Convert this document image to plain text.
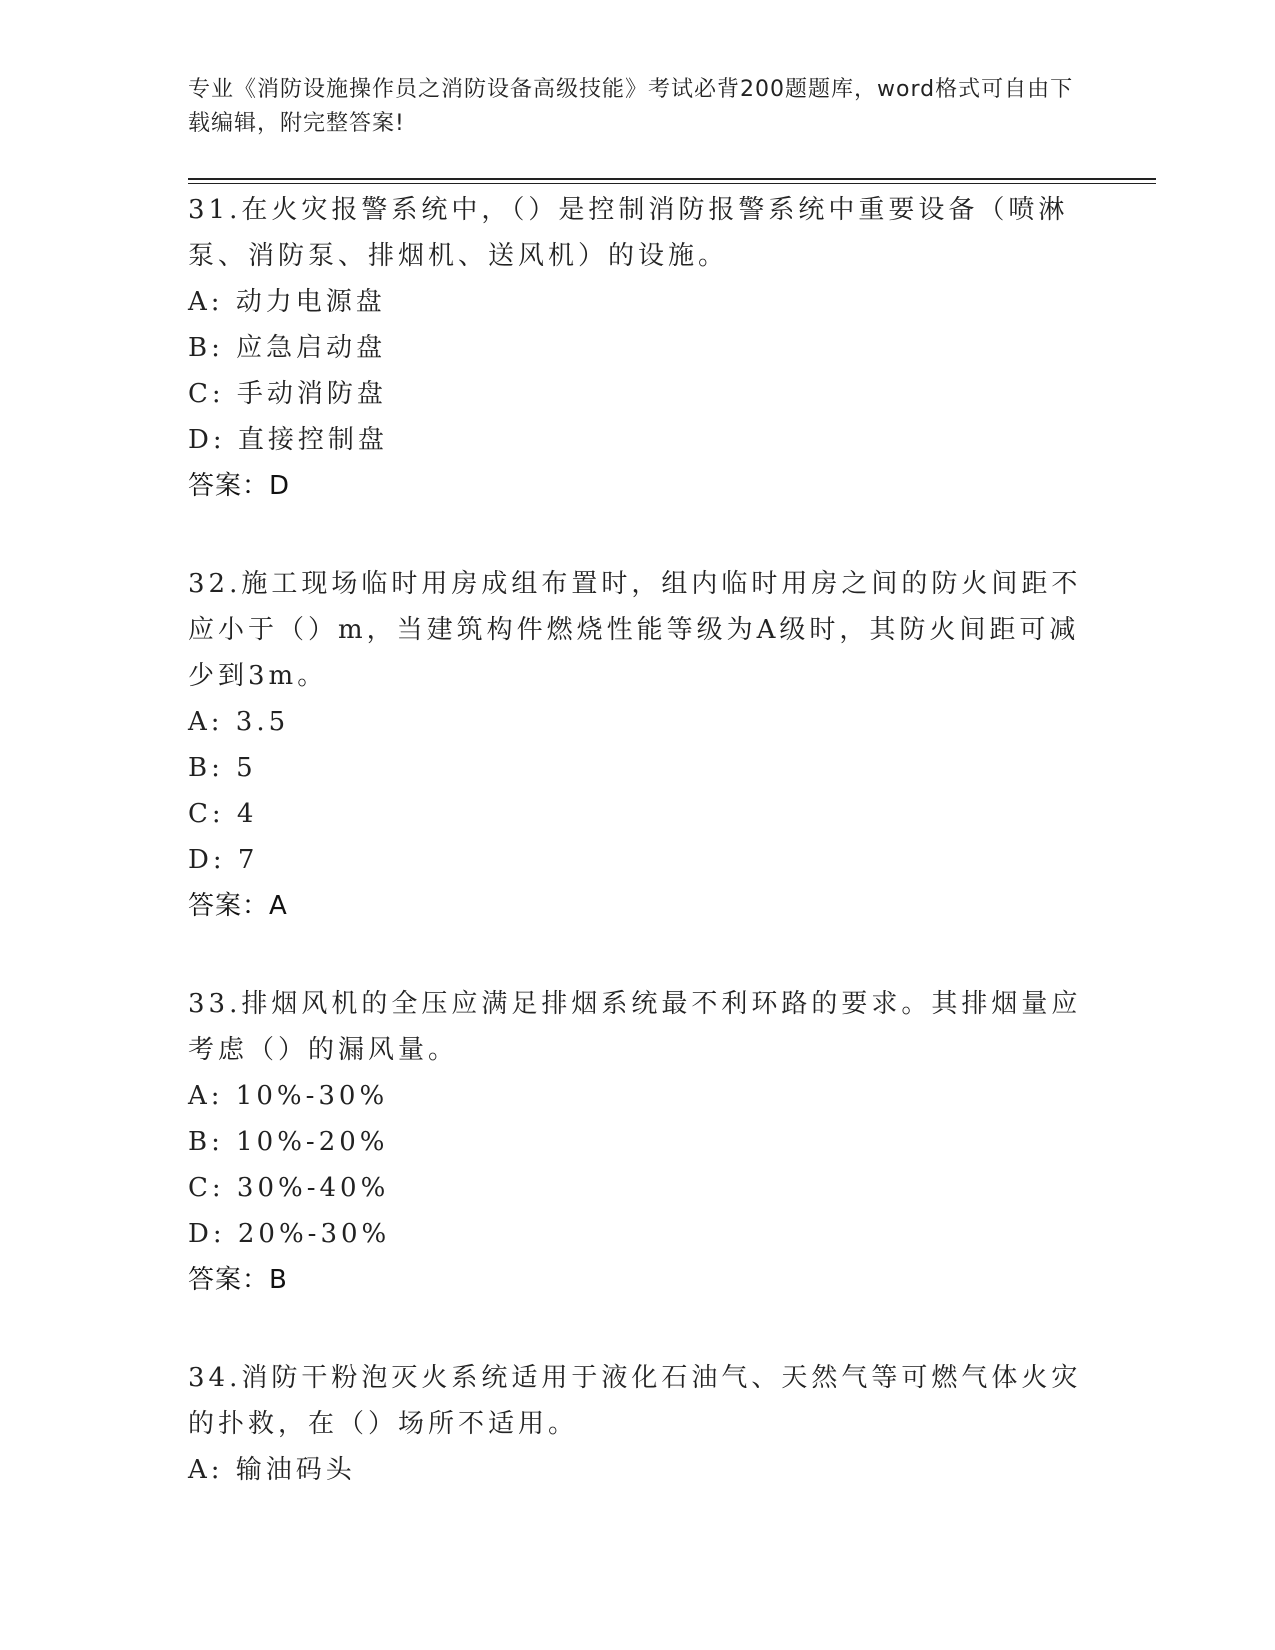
专业《消防设施操作员之消防设备高级技能》考试必背200题题库，word格式可自由下载编辑，附完整答案!

31.在火灾报警系统中，（）是控制消防报警系统中重要设备（喷淋泵、消防泵、排烟机、送风机）的设施。

A: 动力电源盘
B: 应急启动盘
C: 手动消防盘
D: 直接控制盘
答案：D

32.施工现场临时用房成组布置时，组内临时用房之间的防火间距不应小于（）m，当建筑构件燃烧性能等级为A级时，其防火间距可减少到3m。

A: 3.5
B: 5
C: 4
D: 7
答案：A

33.排烟风机的全压应满足排烟系统最不利环路的要求。其排烟量应考虑（）的漏风量。

A: 10%-30%
B: 10%-20%
C: 30%-40%
D: 20%-30%
答案：B

34.消防干粉泡灭火系统适用于液化石油气、天然气等可燃气体火灾的扑救，在（）场所不适用。

A: 输油码头
